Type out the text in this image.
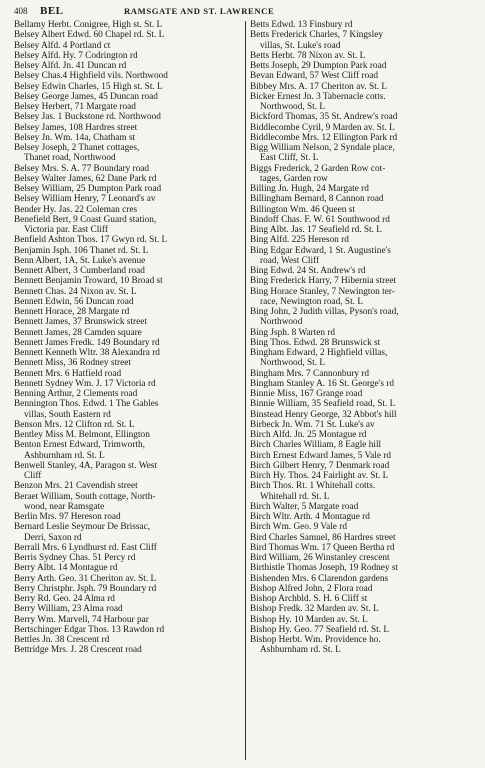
408 BEL	RAMSGATE AND ST. LAWRENCE
Bellamy Herbt. Conigree, High st. St. L
Belsey Albert Edwd. 60 Chapel rd. St. L
Belsey Alfd. 4 Portland ct
Belsey Alfd. Hy. 7 Codrington rd
Belsey Alfd. Jn. 41 Duncan rd
Belsey Chas.4 Highfield vils. Northwood
Belsey Edwin Charles, 15 High st. St. L
Belsey George James, 45 Duncan road
Belsey Herbert, 71 Margate road
Belsey Jas. 1 Buckstone rd. Northwood
Belsey James, 108 Hardres street
Belsey Jn. Wm. 14a, Chatham st
Belsey Joseph, 2 Thanet cottages,
Thanet road, Northwood
Belsey Mrs. S. A. 77 Boundary road
Belsey Walter James, 62 Dane Park rd
Belsey William, 25 Dumpton Park road
Belsey William Henry, 7 Leonard's av
Bender Hy. Jas. 22 Coleman cres
Benefield Bert, 9 Coast Guard station,
Victoria par. East Cliff
Benfield Ashton Thos. 17 Gwyn rd. St. L
Benjamin Jsph. 106 Thanet rd. St. L
Benn Albert, 1A, St. Luke's avenue
Bennett Albert, 3 Cumberland road
Bennett Benjamin Troward, 10 Broad st
Bennett Chas. 24 Nixon av. St. L
Bennett Edwin, 56 Duncan road
Bennett Horace, 28 Margate rd
Bennett James, 37 Brunswick street
Bennett James, 28 Camden square
Bennett James Fredk. 149 Boundary rd
Bennett Kenneth Wltr. 38 Alexandra rd
Bennett Miss, 36 Rodney street
Bennett Mrs. 6 Hatfield road
Bennett Sydney Wm. J. 17 Victoria rd
Benning Arthur, 2 Clements road
Bennington Thos. Edwd. 1 The Gables
villas, South Eastern rd
Benson Mrs. 12 Clifton rd. St. L
Bentley Miss M. Belmont, Ellington
Benton Ernest Edward, Trimworth,
Ashburnham rd. St. L
Benwell Stanley, 4A, Paragon st. West
Cliff
Benzon Mrs. 21 Cavendish street
Beraet William, South cottage, North-
wood, near Ramsgate
Berlin Mrs. 97 Hereson road
Bernard Leslie Seymour De Brissac,
Derri, Saxon rd
Berrall Mrs. 6 Lyndhurst rd. East Cliff
Berris Sydney Chas. 51 Percy rd
Berry Albt. 14 Montague rd
Berry Arth. Geo. 31 Cheriton av. St. L
Berry Christphr. Jsph. 79 Boundary rd
Berry Rd. Geo. 24 Alma rd
Berry William, 23 Alma road
Berry Wm. Marvell, 74 Harbour par
Bertschinger Edgar Thos. 13 Rawdon rd
Bettles Jn. 38 Crescent rd
Bettridge Mrs. J. 28 Crescent road
Betts Edwd. 13 Finsbury rd
Betts Frederick Charles, 7 Kingsley
villas, St. Luke's road
Betts Herbt. 78 Nixon av. St. L
Betts Joseph, 29 Dumpton Park road
Bevan Edward, 57 West Cliff road
Bibbey Mrs. A. 17 Cheriton av. St. L
Bicker Ernest Jn. 3 Tabernacle cotts.
Northwood, St. L
Bickford Thomas, 35 St. Andrew's road
Biddlecombe Cyril, 9 Marden av. St. L
Biddlecombe Mrs. 12 Ellington Park rd
Bigg William Nelson, 2 Syndale place,
East Cliff, St. L
Biggs Frederick, 2 Garden Row cot-
tages, Garden row
Billing Jn. Hugh, 24 Margate rd
Billingham Bernard, 8 Cannon road
Billington Wm. 46 Queen st
Bindoff Chas. F. W. 61 Southwood rd
Bing Albt. Jas. 17 Seafield rd. St. L
Bing Alfd. 225 Hereson rd
Bing Edgar Edward, 1 St. Augustine's
road, West Cliff
Bing Edwd. 24 St. Andrew's rd
Bing Frederick Harry, 7 Hibernia street
Bing Horace Stanley, 7 Newington ter-
race, Newington road, St. L
Bing John, 2 Judith villas, Pyson's road,
Northwood
Bing Jsph. 8 Warten rd
Bing Thos. Edwd. 28 Brunswick st
Bingham Edward, 2 Highfield villas,
Northwood, St. L
Bingham Mrs. 7 Cannonbury rd
Bingham Stanley A. 16 St. George's rd
Binnie Miss, 167 Grange road
Binnie William, 35 Seafield road, St. L
Binstead Henry George, 32 Abbot's hill
Birbeck Jn. Wm. 71 St. Luke's av
Birch Alfd. Jn. 25 Montague rd
Birch Charles William, 8 Eagle hill
Birch Ernest Edward James, 5 Vale rd
Birch Gilbert Henry, 7 Denmark road
Birch Hy. Thos. 24 Fairlight av. St. L
Birch Thos. Rt. 1 Whitehall cotts.
Whitehall rd. St. L
Birch Walter, 5 Margate road
Birch Wltr. Arth. 4 Montague rd
Birch Wm. Geo. 9 Vale rd
Bird Charles Samuel, 86 Hardres street
Bird Thomas Wm. 17 Queen Bertha rd
Bird William, 26 Winstanley crescent
Birthistle Thomas Joseph, 19 Rodney st
Bishenden Mrs. 6 Clarendon gardens
Bishop Alfred John, 2 Flora road
Bishop Archbld. S. H. 6 Cliff st
Bishop Fredk. 32 Marden av. St. L
Bishop Hy. 10 Marden av. St. L
Bishop Hy. Geo. 77 Seafield rd. St. L
Bishop Herbt. Wm. Providence ho.
Ashburnham rd. St. L
